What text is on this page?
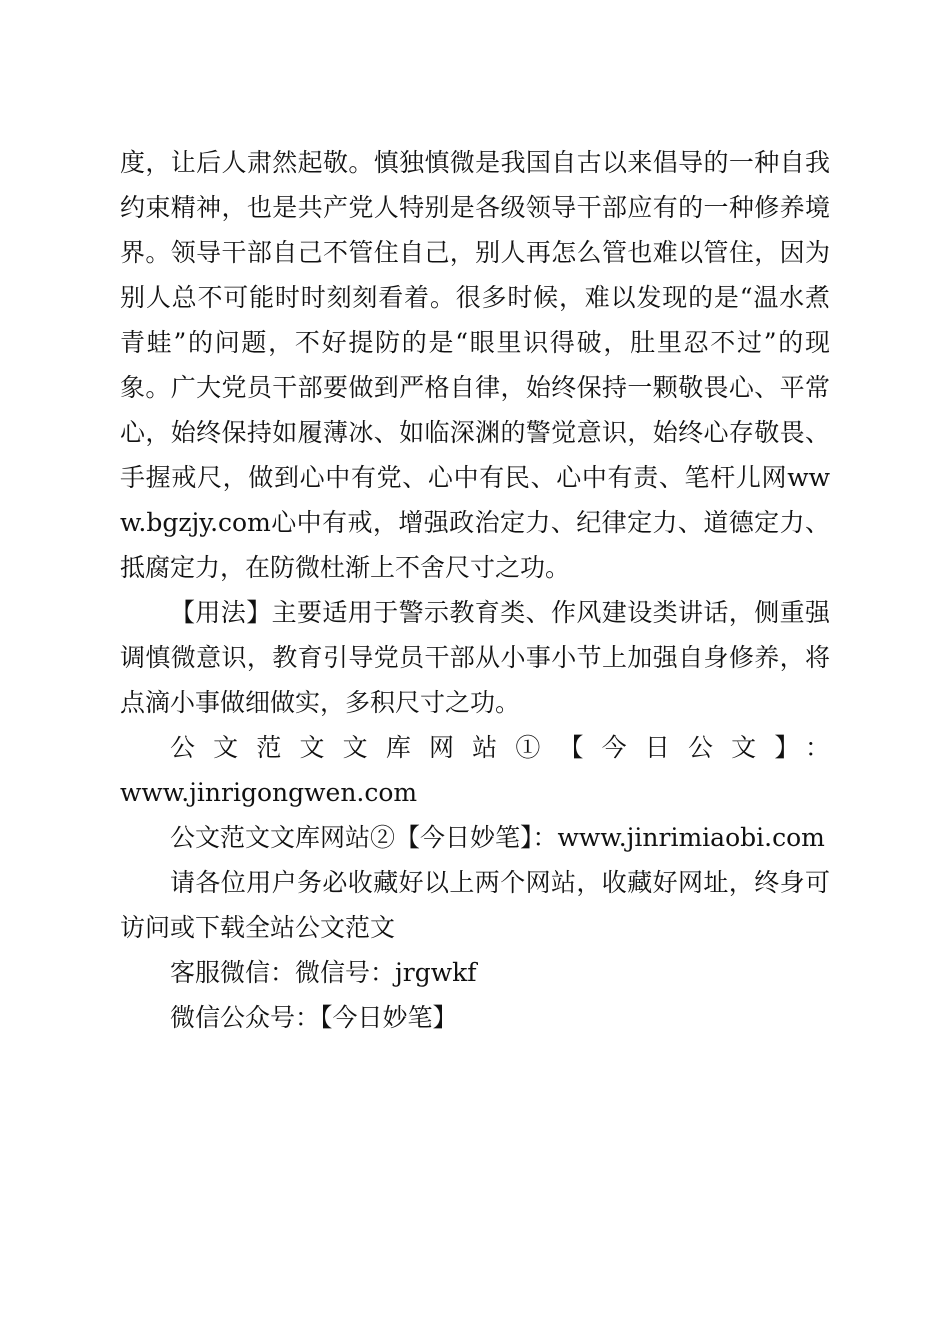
度，让后人肃然起敬。慎独慎微是我国自古以来倡导的一种自我约束精神，也是共产党人特别是各级领导干部应有的一种修养境界。领导干部自己不管住自己，别人再怎么管也难以管住，因为别人总不可能时时刻刻看着。很多时候，难以发现的是“温水煮青蛙”的问题，不好提防的是“眼里识得破，肚里忍不过”的现象。广大党员干部要做到严格自律，始终保持一颗敬畏心、平常心，始终保持如履薄冰、如临深渊的警觉意识，始终心存敬畏、手握戒尺，做到心中有党、心中有民、心中有责、笔杆儿网www.bgzjy.com心中有戒，增强政治定力、纪律定力、道德定力、抵腐定力，在防微杜渐上不舍尺寸之功。

【用法】主要适用于警示教育类、作风建设类讲话，侧重强调慎微意识，教育引导党员干部从小事小节上加强自身修养，将点滴小事做细做实，多积尺寸之功。

公文范文文库网站①【今日公文】：

www.jinrigongwen.com

公文范文文库网站②【今日妙笔】：www.jinrimiaobi.com

请各位用户务必收藏好以上两个网站，收藏好网址，终身可访问或下载全站公文范文

客服微信：微信号：jrgwkf

微信公众号：【今日妙笔】
